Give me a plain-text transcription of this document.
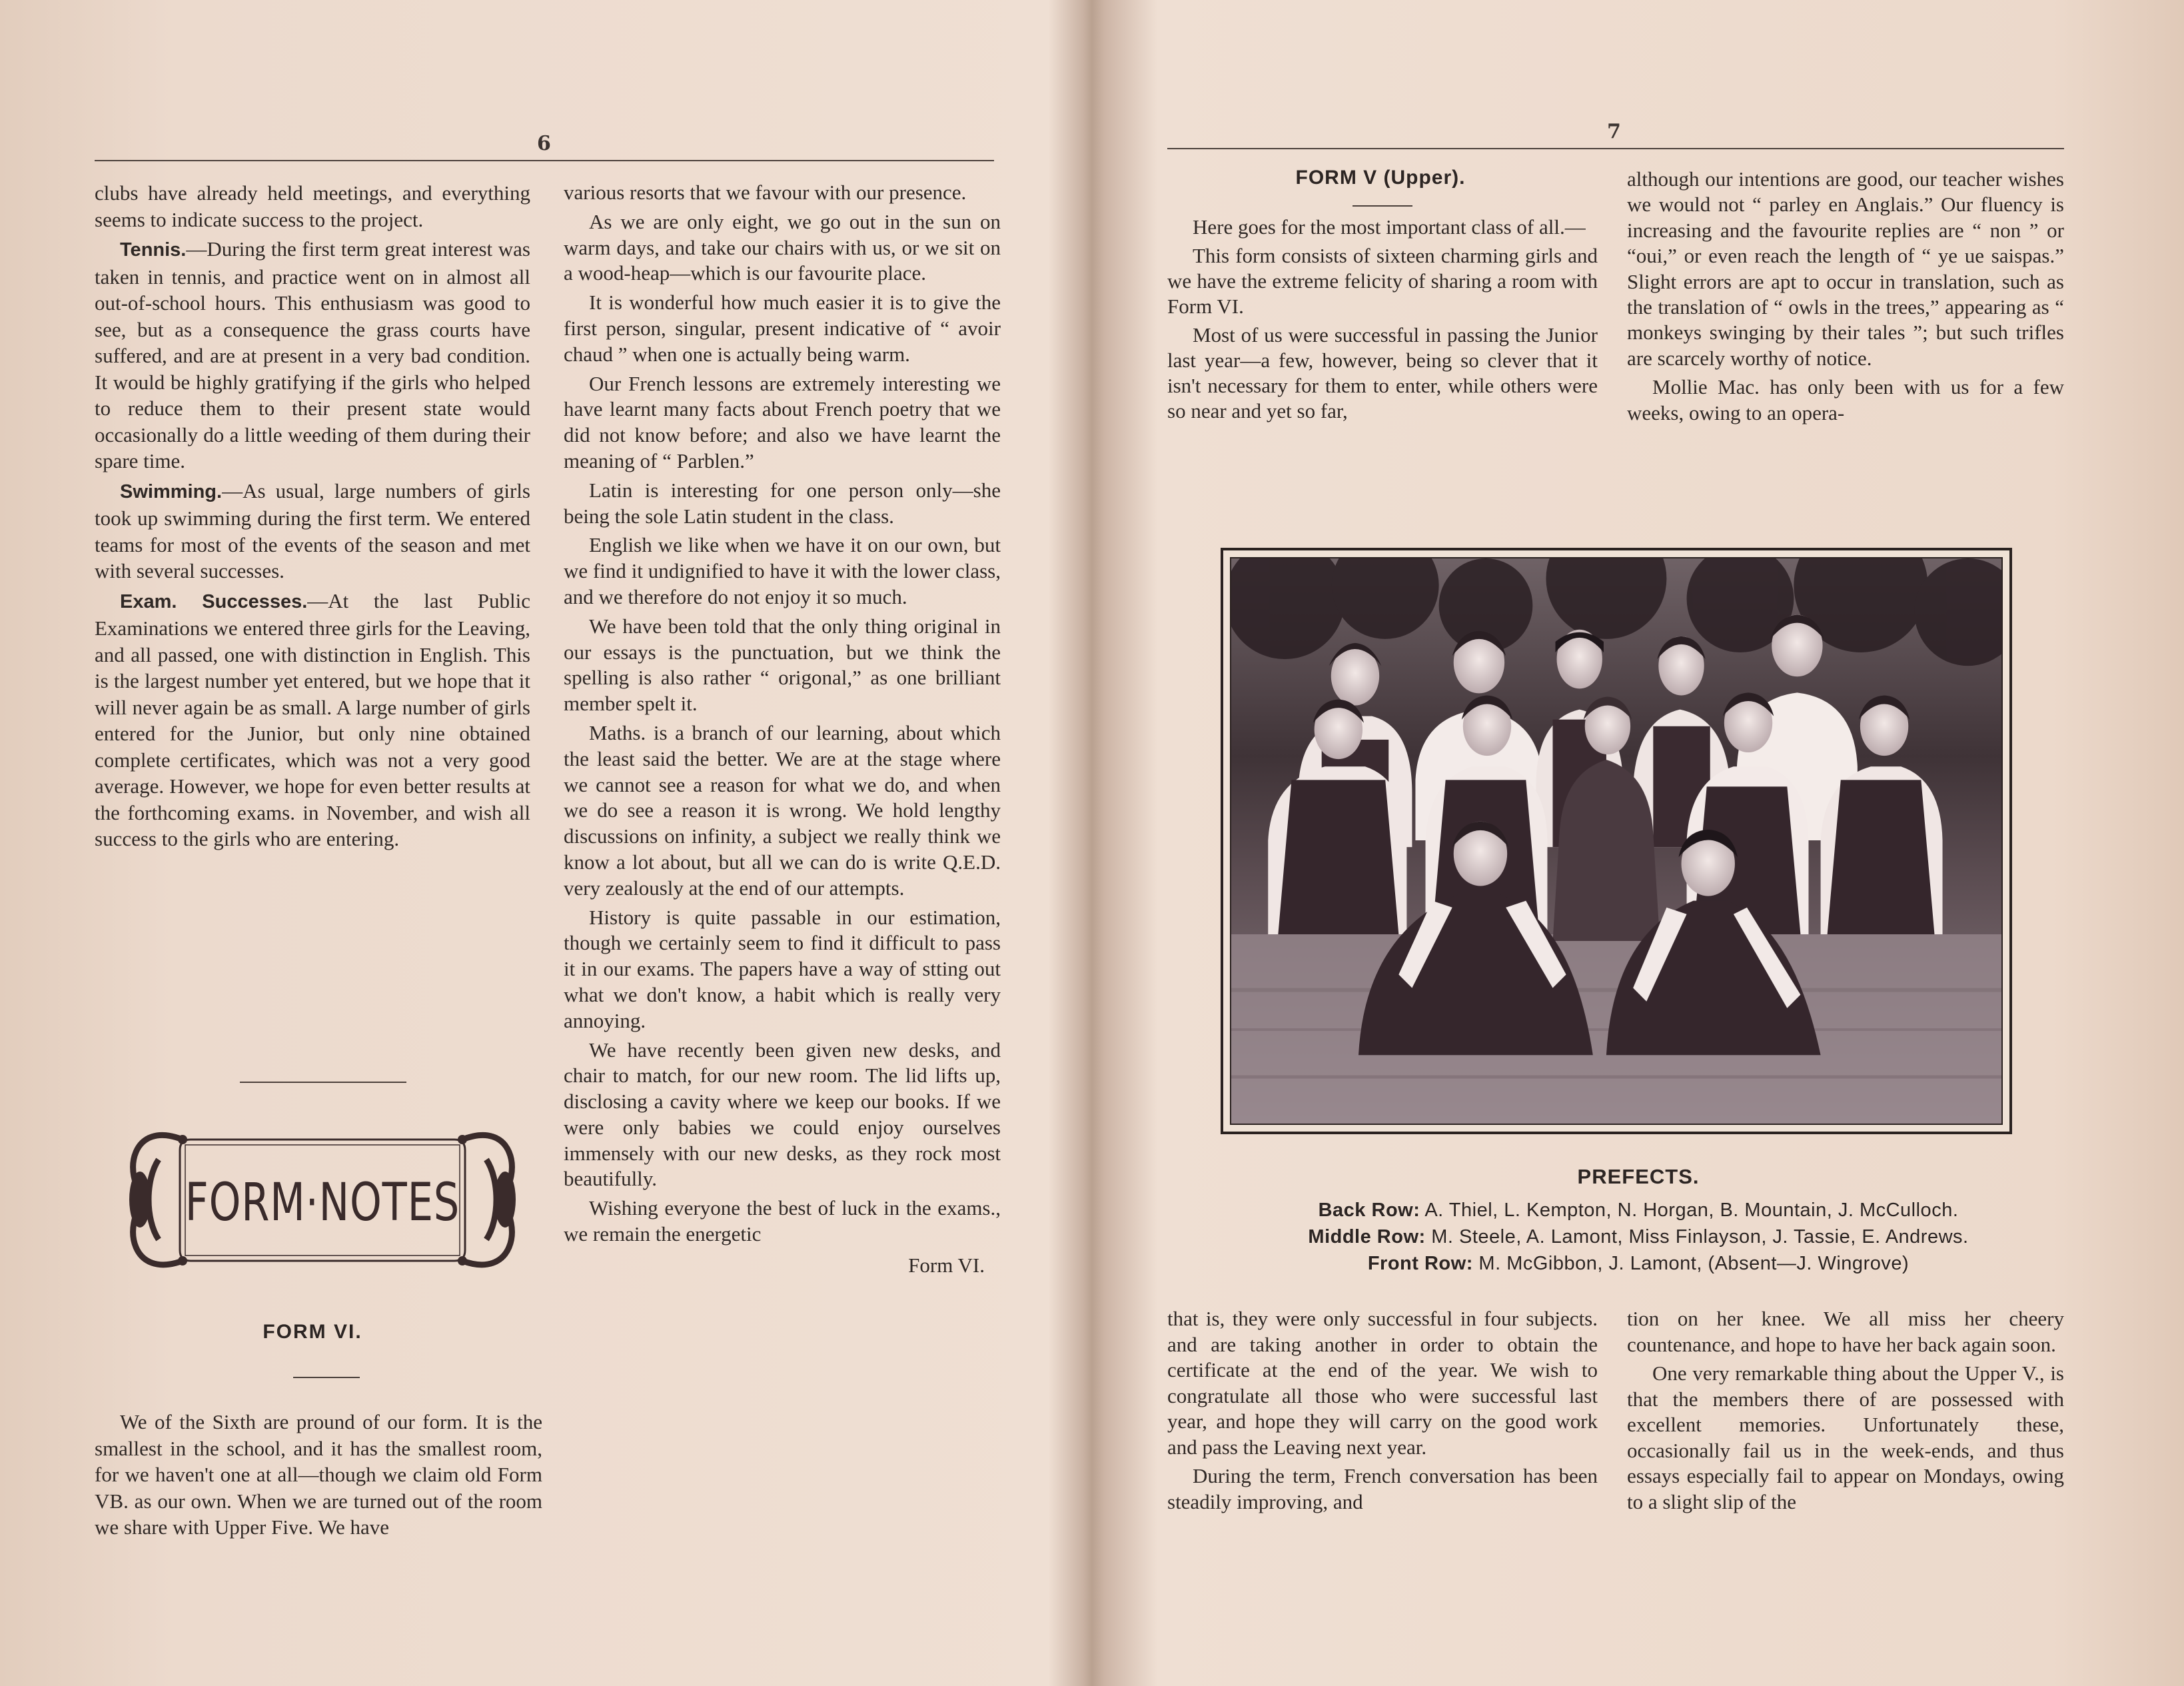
6

clubs have already held meetings, and everything seems to indicate success to the project.

Tennis.—During the first term great interest was taken in tennis, and practice went on in almost all out-of-school hours. This enthusiasm was good to see, but as a consequence the grass courts have suffered, and are at present in a very bad condition. It would be highly gratifying if the girls who helped to reduce them to their present state would occasionally do a little weeding of them during their spare time.

Swimming.—As usual, large numbers of girls took up swimming during the first term. We entered teams for most of the events of the season and met with several successes.

Exam. Successes.—At the last Public Examinations we entered three girls for the Leaving, and all passed, one with distinction in English. This is the largest number yet entered, but we hope that it will never again be as small. A large number of girls entered for the Junior, but only nine obtained complete certificates, which was not a very good average. However, we hope for even better results at the forthcoming exams. in November, and wish all success to the girls who are entering.

FORM·NOTES
FORM VI.

We of the Sixth are pround of our form. It is the smallest in the school, and it has the smallest room, for we haven't one at all—though we claim old Form VB. as our own. When we are turned out of the room we share with Upper Five. We have

various resorts that we favour with our presence.

As we are only eight, we go out in the sun on warm days, and take our chairs with us, or we sit on a wood-heap—which is our favourite place.

It is wonderful how much easier it is to give the first person, singular, present indicative of “ avoir chaud ” when one is actually being warm.

Our French lessons are extremely interesting we have learnt many facts about French poetry that we did not know before; and also we have learnt the meaning of “ Parblen.”

Latin is interesting for one person only—she being the sole Latin student in the class.

English we like when we have it on our own, but we find it undignified to have it with the lower class, and we therefore do not enjoy it so much.

We have been told that the only thing original in our essays is the punctuation, but we think the spelling is also rather “ origonal,” as one brilliant member spelt it.

Maths. is a branch of our learning, about which the least said the better. We are at the stage where we cannot see a reason for what we do, and when we do see a reason it is wrong. We hold lengthy discussions on infinity, a subject we really think we know a lot about, but all we can do is write Q.E.D. very zealously at the end of our attempts.

History is quite passable in our estimation, though we certainly seem to find it difficult to pass it in our exams. The papers have a way of stting out what we don't know, a habit which is really very annoying.

We have recently been given new desks, and chair to match, for our new room. The lid lifts up, disclosing a cavity where we keep our books. If we were only babies we could enjoy ourselves immensely with our new desks, as they rock most beautifully.

Wishing everyone the best of luck in the exams., we remain the energetic

Form VI.
7
FORM V (Upper).

Here goes for the most important class of all.—

This form consists of sixteen charming girls and we have the extreme felicity of sharing a room with Form VI.

Most of us were successful in passing the Junior last year—a few, however, being so clever that it isn't necessary for them to enter, while others were so near and yet so far,

although our intentions are good, our teacher wishes we would not “ parley en Anglais.” Our fluency is increasing and the favourite replies are “ non ” or “oui,” or even reach the length of “ ye ue saispas.” Slight errors are apt to occur in translation, such as the translation of “ owls in the trees,” appearing as “ monkeys swinging by their tales ”; but such trifles are scarcely worthy of notice.

Mollie Mac. has only been with us for a few weeks, owing to an opera-

that is, they were only successful in four subjects. and are taking another in order to obtain the certificate at the end of the year. We wish to congratulate all those who were successful last year, and hope they will carry on the good work and pass the Leaving next year.

During the term, French conversation has been steadily improving, and

tion on her knee. We all miss her cheery countenance, and hope to have her back again soon.

One very remarkable thing about the Upper V., is that the members there of are possessed with excellent memories. Unfortunately these, occasionally fail us in the week-ends, and thus essays especially fail to appear on Mondays, owing to a slight slip of the

PREFECTS.
Back Row: A. Thiel, L. Kempton, N. Horgan, B. Mountain, J. McCulloch.
Middle Row: M. Steele, A. Lamont, Miss Finlayson, J. Tassie, E. Andrews.
Front Row: M. McGibbon, J. Lamont, (Absent—J. Wingrove)
